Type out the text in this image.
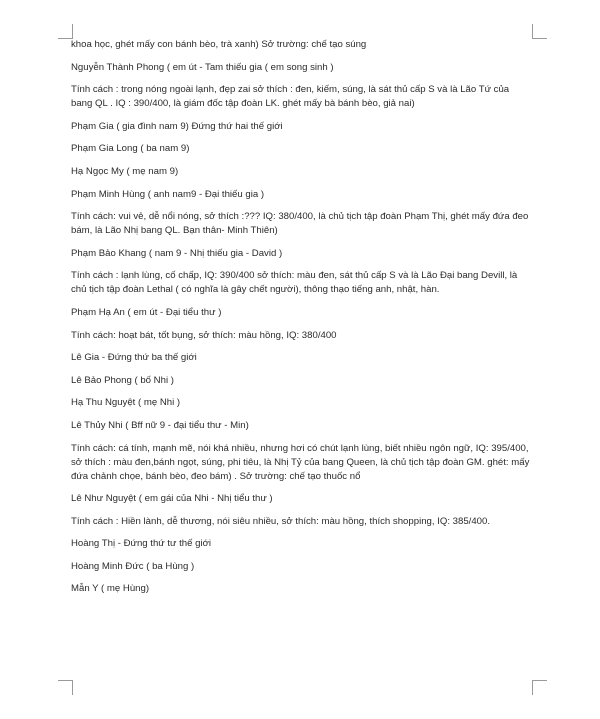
khoa học, ghét mấy con bánh bèo, trà xanh) Sở trường: chế tạo súng

Nguyễn Thành Phong ( em út - Tam thiếu gia ( em song sinh )

Tính cách : trong nóng ngoài lạnh, đẹp zai sở thích : đen, kiếm, súng, là sát thủ cấp S và là Lão Tứ của bang QL . IQ : 390/400, là giám đốc tập đoàn LK. ghét mấy bà bánh bèo, giả nai)

Phạm Gia ( gia đình nam 9) Đứng thứ hai thế giới

Phạm Gia Long ( ba nam 9)

Hạ Ngọc My ( mẹ nam 9)

Phạm Minh Hùng ( anh nam9 - Đại thiếu gia )

Tính cách: vui vẻ, dễ nổi nóng, sở thích :??? IQ: 380/400, là chủ tịch tập đoàn Phạm Thị, ghét mấy đứa đeo bám, là Lão Nhị bang QL. Bạn thân- Minh Thiên)

Phạm Bảo Khang ( nam 9 - Nhị thiếu gia - David )

Tính cách : lạnh lùng, cố chấp, IQ: 390/400 sở thích: màu đen, sát thủ cấp S và là Lão Đại bang Devill, là chủ tịch tập đoàn Lethal ( có nghĩa là gây chết người), thông thạo tiếng anh, nhật, hàn.

Phạm Hạ An ( em út - Đại tiểu thư )

Tính cách: hoạt bát, tốt bụng, sở thích: màu hồng, IQ: 380/400

Lê Gia - Đứng thứ ba thế giới

Lê Bảo Phong ( bố Nhi )

Hạ Thu Nguyệt ( mẹ Nhi )

Lê Thủy Nhi ( Bff nữ 9 - đại tiểu thư - Min)

Tính cách: cá tính, mạnh mẽ, nói khá nhiều, nhưng hơi có chút lạnh lùng, biết nhiều ngôn ngữ, IQ: 395/400, sở thích : màu đen,bánh ngọt, súng, phi tiêu, là Nhị Tỷ của bang Queen, là chủ tịch tập đoàn GM. ghét: mấy đứa chảnh chọe, bánh bèo, đeo bám) . Sở trường: chế tạo thuốc nổ

Lê Như Nguyệt ( em gái của Nhi - Nhị tiểu thư )

Tính cách : Hiền lành, dễ thương, nói siêu nhiều, sở thích: màu hồng, thích shopping, IQ: 385/400.

Hoàng Thị - Đứng thứ tư thế giới

Hoàng Minh Đức ( ba Hùng )

Mẫn Y ( mẹ Hùng)
